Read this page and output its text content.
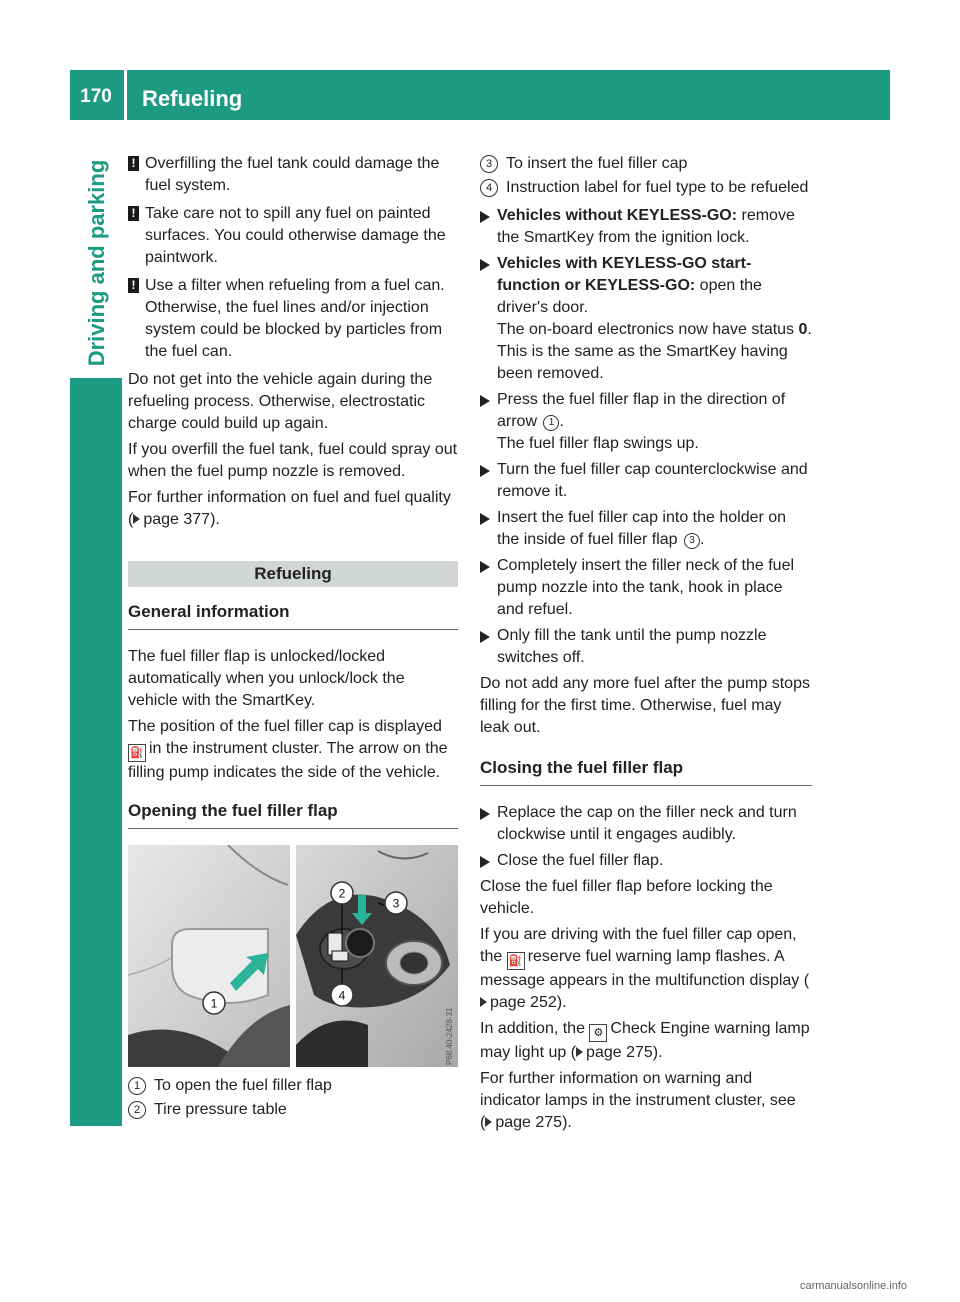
170	Refueling
Driving and parking ! Overfilling the fuel tank could damage the fuel system.
! Take care not to spill any fuel on painted surfaces. You could otherwise damage the paintwork.
! Use a filter when refueling from a fuel can. Otherwise, the fuel lines and/or injection system could be blocked by particles from the fuel can.

Do not get into the vehicle again during the refueling process. Otherwise, electrostatic charge could build up again.

If you overfill the fuel tank, fuel could spray out when the fuel pump nozzle is removed.

For further information on fuel and fuel quality ( page 377).

Refueling
General information

The fuel filler flap is unlocked/locked automatically when you unlock/lock the vehicle with the SmartKey.

The position of the fuel filler cap is displayed ⛽ in the instrument cluster. The arrow on the filling pump indicates the side of the vehicle.

Opening the fuel filler flap
1
2
3
4
P68.40-2428-31
1 To open the fuel filler flap
2 Tire pressure table
3 To insert the fuel filler cap
4 Instruction label for fuel type to be refueled
Vehicles without KEYLESS-GO: remove the SmartKey from the ignition lock.
Vehicles with KEYLESS-GO start-function or KEYLESS-GO: open the driver's door.
The on-board electronics now have status 0. This is the same as the SmartKey having been removed.
Press the fuel filler flap in the direction of arrow 1 .
The fuel filler flap swings up.
Turn the fuel filler cap counterclockwise and remove it.
Insert the fuel filler cap into the holder on the inside of fuel filler flap 3 .
Completely insert the filler neck of the fuel pump nozzle into the tank, hook in place and refuel.
Only fill the tank until the pump nozzle switches off.

Do not add any more fuel after the pump stops filling for the first time. Otherwise, fuel may leak out.

Closing the fuel filler flap
Replace the cap on the filler neck and turn clockwise until it engages audibly.
Close the fuel filler flap.

Close the fuel filler flap before locking the vehicle.

If you are driving with the fuel filler cap open, the ⛽ reserve fuel warning lamp flashes. A message appears in the multifunction display (page 252).

In addition, the ⚙ Check Engine warning lamp may light up ( page 275).

For further information on warning and indicator lamps in the instrument cluster, see
( page 275).

carmanualsonline.info
